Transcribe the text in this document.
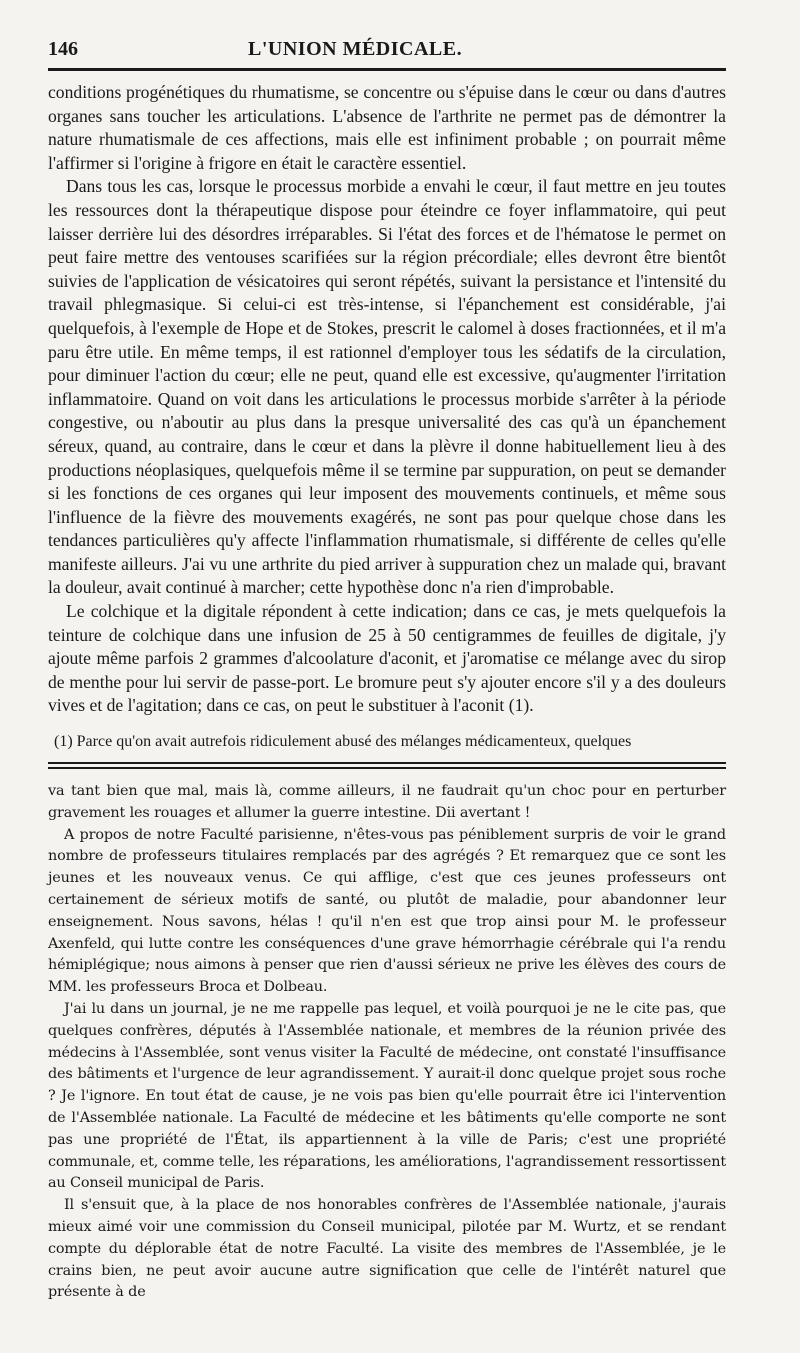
146	L'UNION MÉDICALE.

conditions progénétiques du rhumatisme, se concentre ou s'épuise dans le cœur ou dans d'autres organes sans toucher les articulations. L'absence de l'arthrite ne permet pas de démontrer la nature rhumatismale de ces affections, mais elle est infiniment probable ; on pourrait même l'affirmer si l'origine à frigore en était le caractère essentiel.

Dans tous les cas, lorsque le processus morbide a envahi le cœur, il faut mettre en jeu toutes les ressources dont la thérapeutique dispose pour éteindre ce foyer inflammatoire, qui peut laisser derrière lui des désordres irréparables. Si l'état des forces et de l'hématose le permet on peut faire mettre des ventouses scarifiées sur la région précordiale; elles devront être bientôt suivies de l'application de vésicatoires qui seront répétés, suivant la persistance et l'intensité du travail phlegmasique. Si celui-ci est très-intense, si l'épanchement est considérable, j'ai quelquefois, à l'exemple de Hope et de Stokes, prescrit le calomel à doses fractionnées, et il m'a paru être utile. En même temps, il est rationnel d'employer tous les sédatifs de la circulation, pour diminuer l'action du cœur; elle ne peut, quand elle est excessive, qu'augmenter l'irritation inflammatoire. Quand on voit dans les articulations le processus morbide s'arrêter à la période congestive, ou n'aboutir au plus dans la presque universalité des cas qu'à un épanchement séreux, quand, au contraire, dans le cœur et dans la plèvre il donne habituellement lieu à des productions néoplasiques, quelquefois même il se termine par suppuration, on peut se demander si les fonctions de ces organes qui leur imposent des mouvements continuels, et même sous l'influence de la fièvre des mouvements exagérés, ne sont pas pour quelque chose dans les tendances particulières qu'y affecte l'inflammation rhumatismale, si différente de celles qu'elle manifeste ailleurs. J'ai vu une arthrite du pied arriver à suppuration chez un malade qui, bravant la douleur, avait continué à marcher; cette hypothèse donc n'a rien d'improbable.

Le colchique et la digitale répondent à cette indication; dans ce cas, je mets quelquefois la teinture de colchique dans une infusion de 25 à 50 centigrammes de feuilles de digitale, j'y ajoute même parfois 2 grammes d'alcoolature d'aconit, et j'aromatise ce mélange avec du sirop de menthe pour lui servir de passe-port. Le bromure peut s'y ajouter encore s'il y a des douleurs vives et de l'agitation; dans ce cas, on peut le substituer à l'aconit (1).

(1) Parce qu'on avait autrefois ridiculement abusé des mélanges médicamenteux, quelques

va tant bien que mal, mais là, comme ailleurs, il ne faudrait qu'un choc pour en perturber gravement les rouages et allumer la guerre intestine. Dii avertant !

A propos de notre Faculté parisienne, n'êtes-vous pas péniblement surpris de voir le grand nombre de professeurs titulaires remplacés par des agrégés ? Et remarquez que ce sont les jeunes et les nouveaux venus. Ce qui afflige, c'est que ces jeunes professeurs ont certainement de sérieux motifs de santé, ou plutôt de maladie, pour abandonner leur enseignement. Nous savons, hélas ! qu'il n'en est que trop ainsi pour M. le professeur Axenfeld, qui lutte contre les conséquences d'une grave hémorrhagie cérébrale qui l'a rendu hémiplégique; nous aimons à penser que rien d'aussi sérieux ne prive les élèves des cours de MM. les professeurs Broca et Dolbeau.

J'ai lu dans un journal, je ne me rappelle pas lequel, et voilà pourquoi je ne le cite pas, que quelques confrères, députés à l'Assemblée nationale, et membres de la réunion privée des médecins à l'Assemblée, sont venus visiter la Faculté de médecine, ont constaté l'insuffisance des bâtiments et l'urgence de leur agrandissement. Y aurait-il donc quelque projet sous roche ? Je l'ignore. En tout état de cause, je ne vois pas bien qu'elle pourrait être ici l'intervention de l'Assemblée nationale. La Faculté de médecine et les bâtiments qu'elle comporte ne sont pas une propriété de l'État, ils appartiennent à la ville de Paris; c'est une propriété communale, et, comme telle, les réparations, les améliorations, l'agrandissement ressortissent au Conseil municipal de Paris.

Il s'ensuit que, à la place de nos honorables confrères de l'Assemblée nationale, j'aurais mieux aimé voir une commission du Conseil municipal, pilotée par M. Wurtz, et se rendant compte du déplorable état de notre Faculté. La visite des membres de l'Assemblée, je le crains bien, ne peut avoir aucune autre signification que celle de l'intérêt naturel que présente à de
